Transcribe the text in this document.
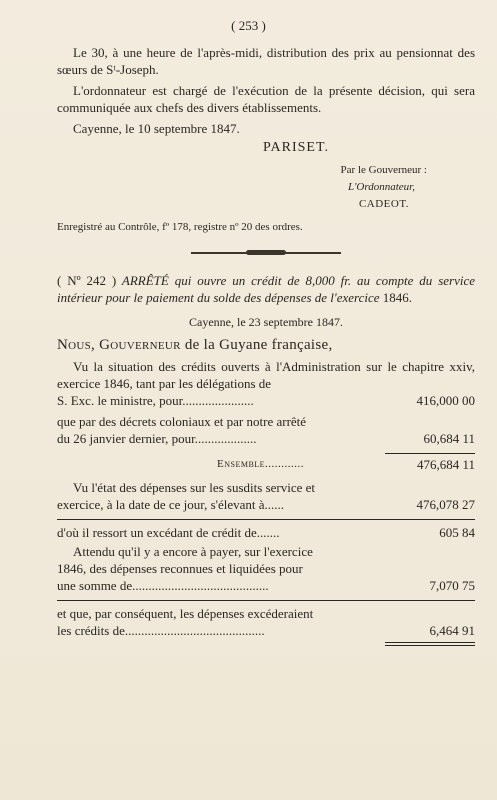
( 253 )

Le 30, à une heure de l'après-midi, distribution des prix au pensionnat des sœurs de Sᵗ-Joseph.

L'ordonnateur est chargé de l'exécution de la présente décision, qui sera communiquée aux chefs des divers établissements.

Cayenne, le 10 septembre 1847.

PARISET.

Par le Gouverneur :

L'Ordonnateur,

CADEOT.

Enregistré au Contrôle, fº 178, registre nº 20 des ordres.

( Nº 242 ) ARRÊTÉ qui ouvre un crédit de 8,000 fr. au compte du service intérieur pour le paiement du solde des dépenses de l'exercice 1846.

Cayenne, le 23 septembre 1847.

Nous, Gouverneur de la Guyane française,

Vu la situation des crédits ouverts à l'Administration sur le chapitre xxiv, exercice 1846, tant par les délégations de

S. Exc. le ministre, pour......................	416,000 00
que par des décrets coloniaux et par notre arrêté
du 26 janvier dernier, pour...................	60,684 11
Ensemble............	476,684 11

Vu l'état des dépenses sur les susdits service et

exercice, à la date de ce jour, s'élevant à......	476,078 27
d'où il ressort un excédant de crédit de.......	605 84

Attendu qu'il y a encore à payer, sur l'exercice

1846, des dépenses reconnues et liquidées pour
une somme de..........................................	7,070 75
et que, par conséquent, les dépenses excéderaient
les crédits de...........................................	6,464 91
